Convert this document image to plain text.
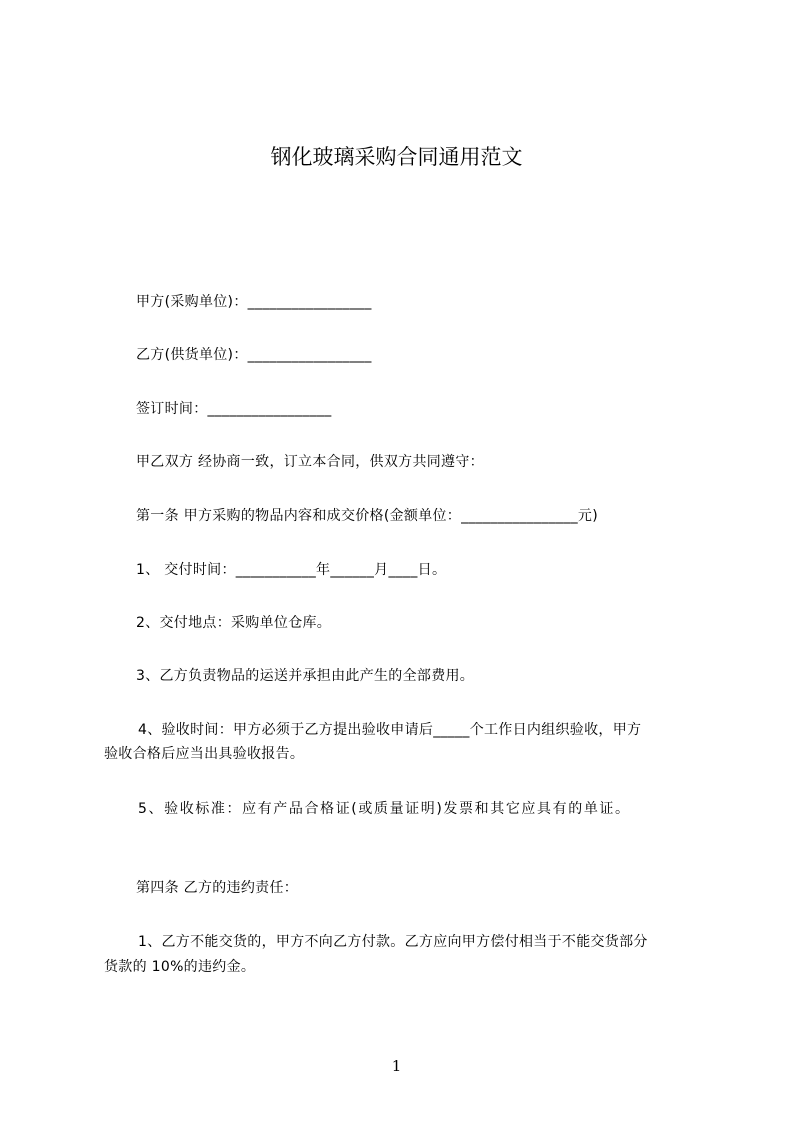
钢化玻璃采购合同通用范文
甲方(采购单位)：_________________
乙方(供货单位)：_________________
签订时间：_________________
甲乙双方 经协商一致，订立本合同，供双方共同遵守：
第一条 甲方采购的物品内容和成交价格(金额单位：________________元)
1、 交付时间：___________年______月____日。
2、交付地点：采购单位仓库。
3、乙方负责物品的运送并承担由此产生的全部费用。
4、验收时间：甲方必须于乙方提出验收申请后_____个工作日内组织验收，甲方
验收合格后应当出具验收报告。
5、验收标准：应有产品合格证(或质量证明)发票和其它应具有的单证。
第四条 乙方的违约责任：
1、乙方不能交货的，甲方不向乙方付款。乙方应向甲方偿付相当于不能交货部分
货款的 10%的违约金。
1
